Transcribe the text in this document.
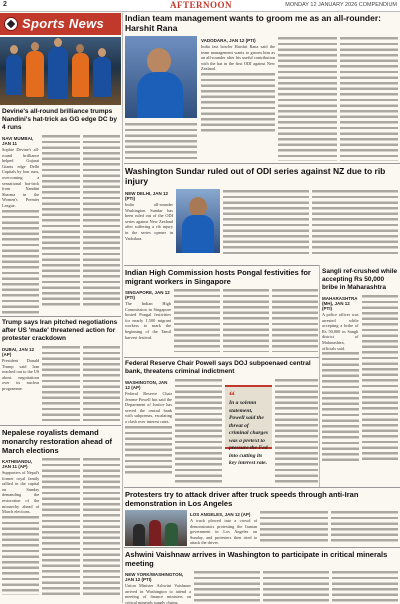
2	AFTERNOON	MONDAY 12 JANUARY 2026 COMPENDIUM
Sports News
Devine's all-round brilliance trumps Nandini's hat-trick as GG edge DC by 4 runs
NAVI MUMBAI, JAN 11

Sophie Devine's all-round brilliance helped Gujarat Giants edge Delhi Capitals by four runs, overcoming a sensational hat-trick from Nandini Sharma in the Women's Premier League.

Trump says Iran pitched negotiations after US 'made' threatened action for protester crackdown
DUBAI, JAN 12 (AP)

President Donald Trump said Iran reached out to the US about negotiations over its nuclear programme.

Nepalese royalists demand monarchy restoration ahead of March elections
KATHMANDU, JAN 11 (AP)

Supporters of Nepal's former royal family rallied in the capital on Sunday demanding the restoration of the monarchy ahead of March elections.

Indian team management wants to groom me as an all-rounder: Harshit Rana
VADODARA, JAN 12 (PTI)

India fast bowler Harshit Rana said the team management wants to groom him as an all-rounder after his useful contribution with the bat in the first ODI against New Zealand.

Washington Sundar ruled out of ODI series against NZ due to rib injury
NEW DELHI, JAN 12 (PTI)

India all-rounder Washington Sundar has been ruled out of the ODI series against New Zealand after suffering a rib injury in the series opener in Vadodara.

Indian High Commission hosts Pongal festivities for migrant workers in Singapore
SINGAPORE, JAN 12 (PTI)

The Indian High Commission in Singapore hosted Pongal festivities for nearly 1,500 migrant workers to mark the beginning of the Tamil harvest festival.

Federal Reserve Chair Powell says DOJ subpoenaed central bank, threatens criminal indictment
WASHINGTON, JAN 12 (AP)

Federal Reserve Chair Jerome Powell has said the Department of Justice has served the central bank with subpoenas, escalating a clash over interest rates.

“

In a solemn statement, Powell said the threat of criminal charges was a pretext to pressure the Fed into cutting its key interest rate.

Sangli ref-crushed while accepting Rs 50,000 bribe in Maharashtra
MAHARASHTRA (MH), JAN 12 (PTI)

A police officer was arrested while accepting a bribe of Rs 50,000 in Sangli district of Maharashtra, officials said.

Protesters try to attack driver after truck speeds through anti-Iran demonstration in Los Angeles
LOS ANGELES, JAN 12 (AP)

A truck plowed into a crowd of demonstrators protesting the Iranian government in Los Angeles on Sunday, and protesters then tried to attack the driver.

Ashwini Vaishnaw arrives in Washington to participate in critical minerals meeting
NEW YORK/WASHINGTON, JAN 12 (PTI)

Union Minister Ashwini Vaishnaw arrived in Washington to attend a meeting of finance ministers on critical minerals supply chains.
